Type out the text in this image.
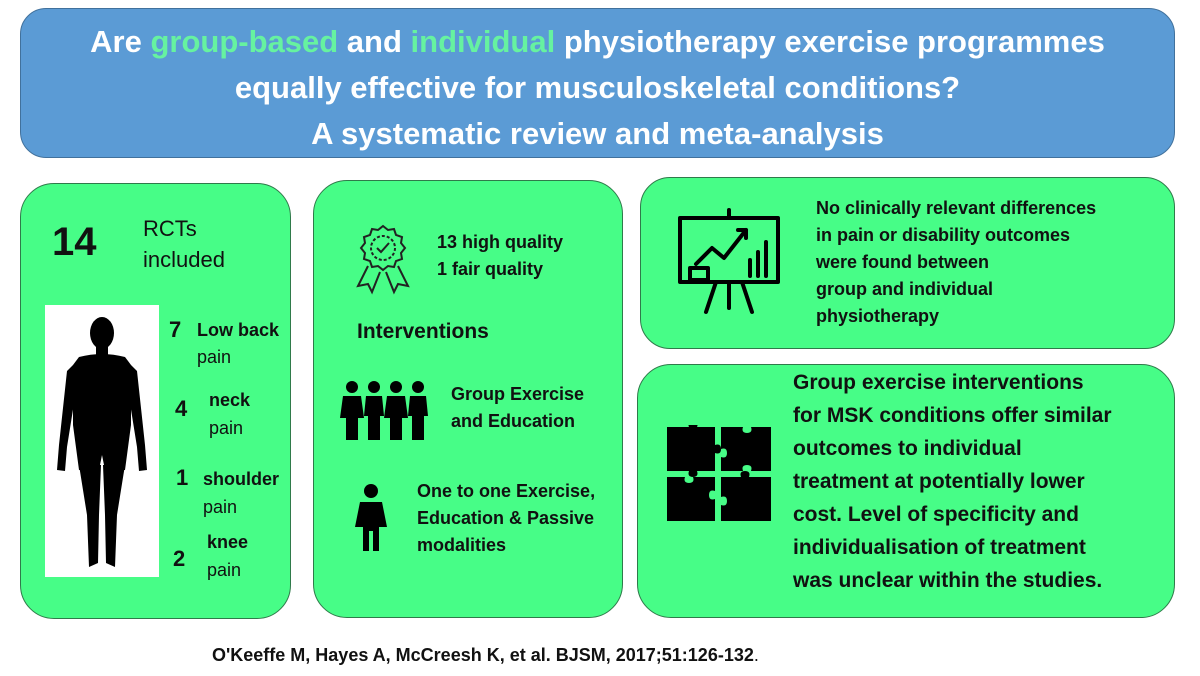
Are group-based and individual physiotherapy exercise programmes
equally effective for musculoskeletal conditions?
A systematic review and meta-analysis
14 RCTs
included
7 Low back
pain
4 neck
pain
1 shoulder
pain
2
knee
pain
13 high quality
1 fair quality
Interventions
Group Exercise
and Education
One to one Exercise,
Education & Passive
modalities
No clinically relevant differences
in pain or disability outcomes
were found between
group and individual
physiotherapy
Group exercise interventions
for MSK conditions offer similar
outcomes to individual
treatment at potentially lower
cost. Level of specificity and
individualisation of treatment
was unclear within the studies.
O'Keeffe M, Hayes A, McCreesh K, et al. BJSM, 2017;51:126-132.
